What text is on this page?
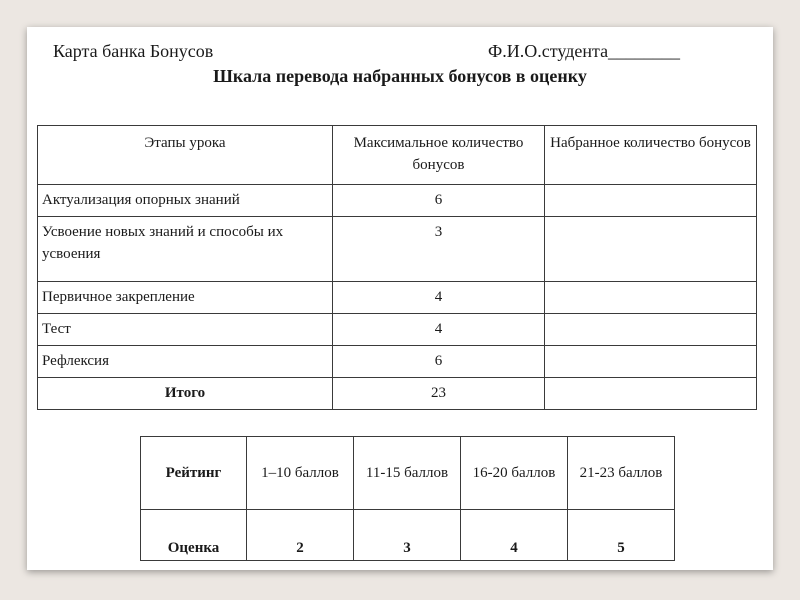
Карта банка Бонусов	Ф.И.О.студента________
Шкала перевода набранных бонусов в оценку
Этапы урока	Максимальное количество бонусов	Набранное количество бонусов
Актуализация опорных знаний	6	
Усвоение новых знаний и способы их усвоения	3	
Первичное закрепление	4	
Тест	4	
Рефлексия	6	
Итого	23	
Рейтинг	1–10 баллов	11-15 баллов	16-20 баллов	21-23 баллов
Оценка	2	3	4	5
